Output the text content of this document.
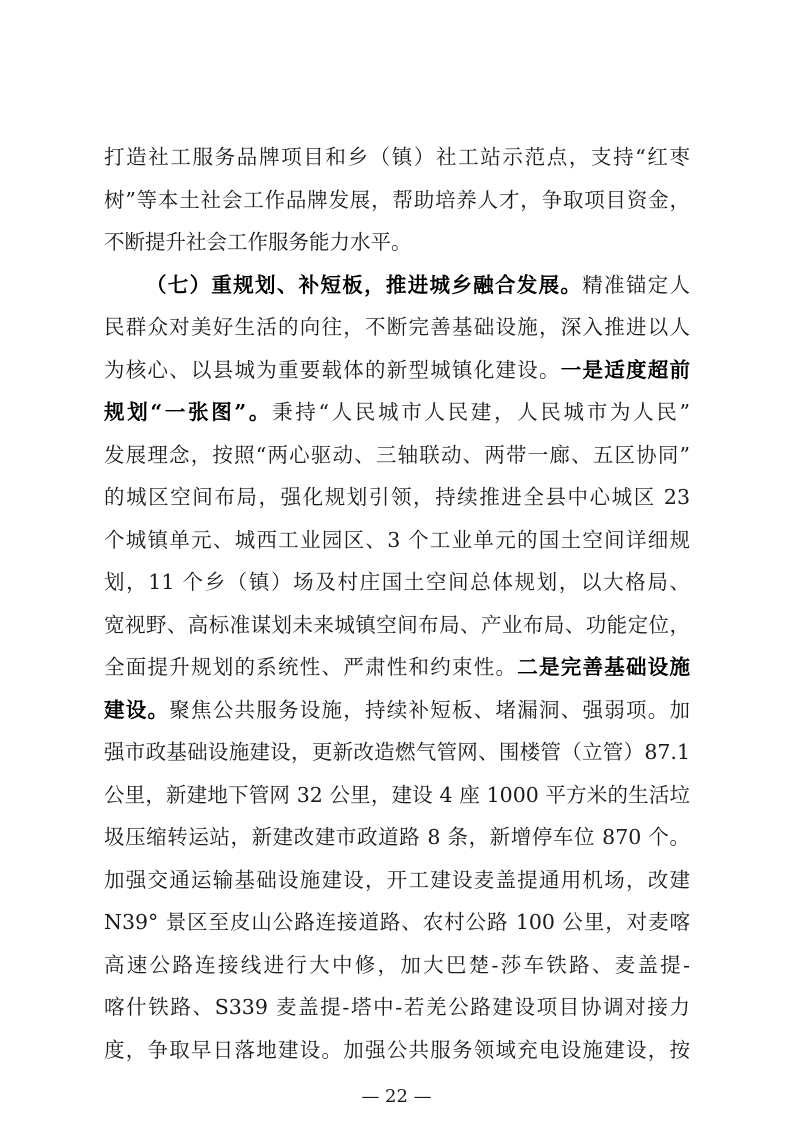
打造社工服务品牌项目和乡（镇）社工站示范点，支持“红枣
树”等本土社会工作品牌发展，帮助培养人才，争取项目资金，
不断提升社会工作服务能力水平。
（七）重规划、补短板，推进城乡融合发展。精准锚定人
民群众对美好生活的向往，不断完善基础设施，深入推进以人
为核心、以县城为重要载体的新型城镇化建设。一是适度超前
规划“一张图”。秉持“人民城市人民建，人民城市为人民”
发展理念，按照“两心驱动、三轴联动、两带一廊、五区协同”
的城区空间布局，强化规划引领，持续推进全县中心城区 23
个城镇单元、城西工业园区、3 个工业单元的国土空间详细规
划，11 个乡（镇）场及村庄国土空间总体规划，以大格局、
宽视野、高标准谋划未来城镇空间布局、产业布局、功能定位，
全面提升规划的系统性、严肃性和约束性。二是完善基础设施
建设。聚焦公共服务设施，持续补短板、堵漏洞、强弱项。加
强市政基础设施建设，更新改造燃气管网、围楼管（立管）87.1
公里，新建地下管网 32 公里，建设 4 座 1000 平方米的生活垃
圾压缩转运站，新建改建市政道路 8 条，新增停车位 870 个。
加强交通运输基础设施建设，开工建设麦盖提通用机场，改建
N39° 景区至皮山公路连接道路、农村公路 100 公里，对麦喀
高速公路连接线进行大中修，加大巴楚-莎车铁路、麦盖提-
喀什铁路、S339 麦盖提-塔中-若羌公路建设项目协调对接力
— 22 —
度，争取早日落地建设。加强公共服务领域充电设施建设，按
